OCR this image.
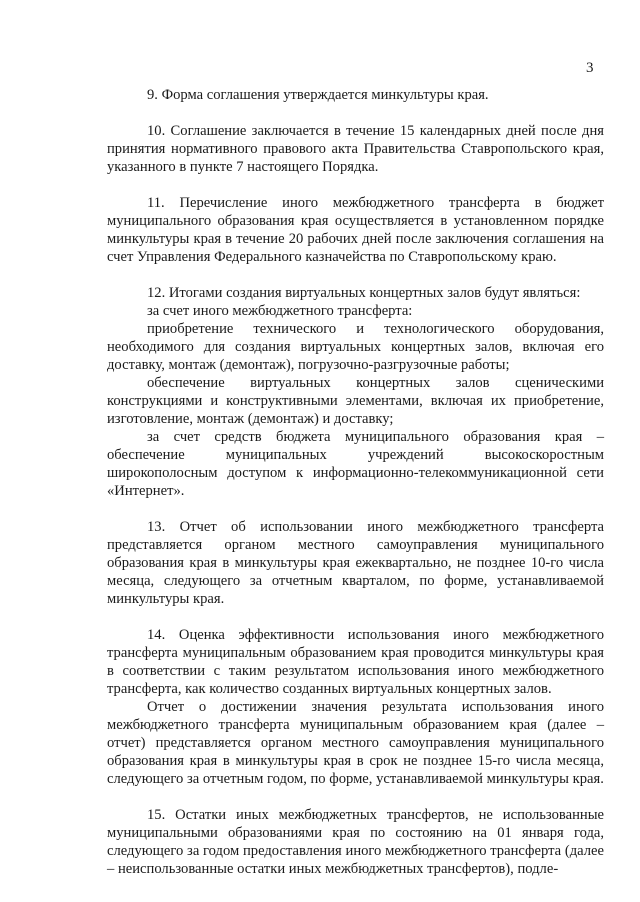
3

9. Форма соглашения утверждается минкультуры края.

10. Соглашение заключается в течение 15 календарных дней после дня принятия нормативного правового акта Правительства Ставропольского края, указанного в пункте 7 настоящего Порядка.

11. Перечисление иного межбюджетного трансферта в бюджет муниципального образования края осуществляется в установленном порядке минкультуры края в течение 20 рабочих дней после заключения соглашения на счет Управления Федерального казначейства по Ставропольскому краю.

12. Итогами создания виртуальных концертных залов будут являться:

за счет иного межбюджетного трансферта:

приобретение технического и технологического оборудования, необходимого для создания виртуальных концертных залов, включая его доставку, монтаж (демонтаж), погрузочно-разгрузочные работы;

обеспечение виртуальных концертных залов сценическими конструкциями и конструктивными элементами, включая их приобретение, изготовление, монтаж (демонтаж) и доставку;

за счет средств бюджета муниципального образования края – обеспечение муниципальных учреждений высокоскоростным широкополосным доступом к информационно-телекоммуникационной сети «Интернет».

13. Отчет об использовании иного межбюджетного трансферта представляется органом местного самоуправления муниципального образования края в минкультуры края ежеквартально, не позднее 10-го числа месяца, следующего за отчетным кварталом, по форме, устанавливаемой минкультуры края.

14. Оценка эффективности использования иного межбюджетного трансферта муниципальным образованием края проводится минкультуры края в соответствии с таким результатом использования иного межбюджетного трансферта, как количество созданных виртуальных концертных залов.

Отчет о достижении значения результата использования иного межбюджетного трансферта муниципальным образованием края (далее – отчет) представляется органом местного самоуправления муниципального образования края в минкультуры края в срок не позднее 15-го числа месяца, следующего за отчетным годом, по форме, устанавливаемой минкультуры края.

15. Остатки иных межбюджетных трансфертов, не использованные муниципальными образованиями края по состоянию на 01 января года, следующего за годом предоставления иного межбюджетного трансферта (далее – неиспользованные остатки иных межбюджетных трансфертов), подле-
